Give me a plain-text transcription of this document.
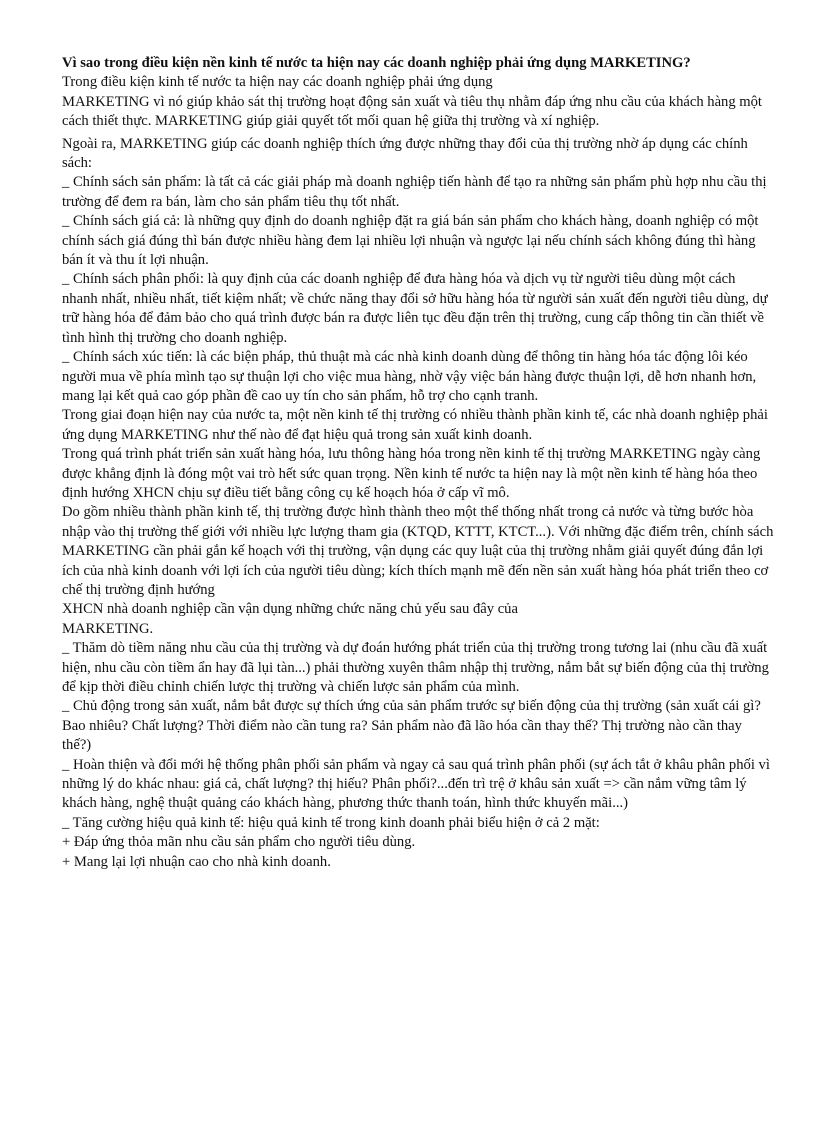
Vì sao trong điều kiện nền kinh tế nước ta hiện nay các doanh nghiệp phải ứng dụng MARKETING?

Trong điều kiện kinh tế nước ta hiện nay các doanh nghiệp phải ứng dụng

MARKETING vì nó giúp khảo sát thị trường hoạt động sản xuất và tiêu thụ nhằm đáp ứng nhu cầu của khách hàng một cách thiết thực. MARKETING giúp giải quyết tốt mối quan hệ giữa thị trường và xí nghiệp.

Ngoài ra, MARKETING giúp các doanh nghiệp thích ứng được những thay đổi của thị trường nhờ áp dụng các chính sách:

_ Chính sách sản phẩm: là tất cả các giải pháp mà doanh nghiệp tiến hành để tạo ra những sản phẩm phù hợp nhu cầu thị trường để đem ra bán, làm cho sản phẩm tiêu thụ tốt nhất.

_ Chính sách giá cả: là những quy định do doanh nghiệp đặt ra giá bán sản phẩm cho khách hàng, doanh nghiệp có một chính sách giá đúng thì bán được nhiều hàng đem lại nhiều lợi nhuận và ngược lại nếu chính sách không đúng thì hàng bán ít và thu ít lợi nhuận.

_ Chính sách phân phối: là quy định của các doanh nghiệp để đưa hàng hóa và dịch vụ từ người tiêu dùng một cách nhanh nhất, nhiều nhất, tiết kiệm nhất; về chức năng thay đổi sở hữu hàng hóa từ người sản xuất đến người tiêu dùng, dự trữ hàng hóa để đảm bảo cho quá trình được bán ra được liên tục đều đặn trên thị trường, cung cấp thông tin cần thiết về tình hình thị trường cho doanh nghiệp.

_ Chính sách xúc tiến: là các biện pháp, thủ thuật mà các nhà kinh doanh dùng để thông tin hàng hóa tác động lôi kéo người mua về phía mình tạo sự thuận lợi cho việc mua hàng, nhờ vậy việc bán hàng được thuận lợi, dễ hơn nhanh hơn, mang lại kết quả cao góp phần đề cao uy tín cho sản phẩm, hỗ trợ cho cạnh tranh.

Trong giai đoạn hiện nay của nước ta, một nền kinh tế thị trường có nhiều thành phần kinh tế, các nhà doanh nghiệp phải ứng dụng MARKETING như thế nào để đạt hiệu quả trong sản xuất kinh doanh.

Trong quá trình phát triển sản xuất hàng hóa, lưu thông hàng hóa trong nền kinh tế thị trường MARKETING ngày càng được khẳng định là đóng một vai trò hết sức quan trọng. Nền kinh tế nước ta hiện nay là một nền kinh tế hàng hóa theo định hướng XHCN chịu sự điều tiết bằng công cụ kế hoạch hóa ở cấp vĩ mô.

Do gồm nhiều thành phần kinh tế, thị trường được hình thành theo một thể thống nhất trong cả nước và từng bước hòa nhập vào thị trường thế giới với nhiều lực lượng tham gia (KTQD, KTTT, KTCT...). Với những đặc điểm trên, chính sách MARKETING cần phải gắn kế hoạch với thị trường, vận dụng các quy luật của thị trường nhằm giải quyết đúng đắn lợi ích của nhà kinh doanh với lợi ích của người tiêu dùng; kích thích mạnh mẽ đến nền sản xuất hàng hóa phát triển theo cơ chế thị trường định hướng

XHCN nhà doanh nghiệp cần vận dụng những chức năng chủ yếu sau đây của

MARKETING.

_ Thăm dò tiềm năng nhu cầu của thị trường và dự đoán hướng phát triển của thị trường trong tương lai (nhu cầu đã xuất hiện, nhu cầu còn tiềm ẩn hay đã lụi tàn...) phải thường xuyên thâm nhập thị trường, nắm bắt sự biến động của thị trường để kịp thời điều chỉnh chiến lược thị trường và chiến lược sản phẩm của mình.

_ Chủ động trong sản xuất, nắm bắt được sự thích ứng của sản phẩm trước sự biến động của thị trường (sản xuất cái gì? Bao nhiêu? Chất lượng? Thời điểm nào cần tung ra? Sản phẩm nào đã lão hóa cần thay thế? Thị trường nào cần thay thế?)

_ Hoàn thiện và đổi mới hệ thống phân phối sản phẩm và ngay cả sau quá trình phân phối (sự ách tắt ở khâu phân phối vì những lý do khác nhau: giá cả, chất lượng? thị hiếu? Phân phối?...đến trì trệ ở khâu sản xuất => cần nắm vững tâm lý khách hàng, nghệ thuật quảng cáo khách hàng, phương thức thanh toán, hình thức khuyến mãi...)

_ Tăng cường hiệu quả kinh tế: hiệu quả kinh tế trong kinh doanh phải biểu hiện ở cả 2 mặt:

+ Đáp ứng thỏa mãn nhu cầu sản phẩm cho người tiêu dùng.

+ Mang lại lợi nhuận cao cho nhà kinh doanh.
